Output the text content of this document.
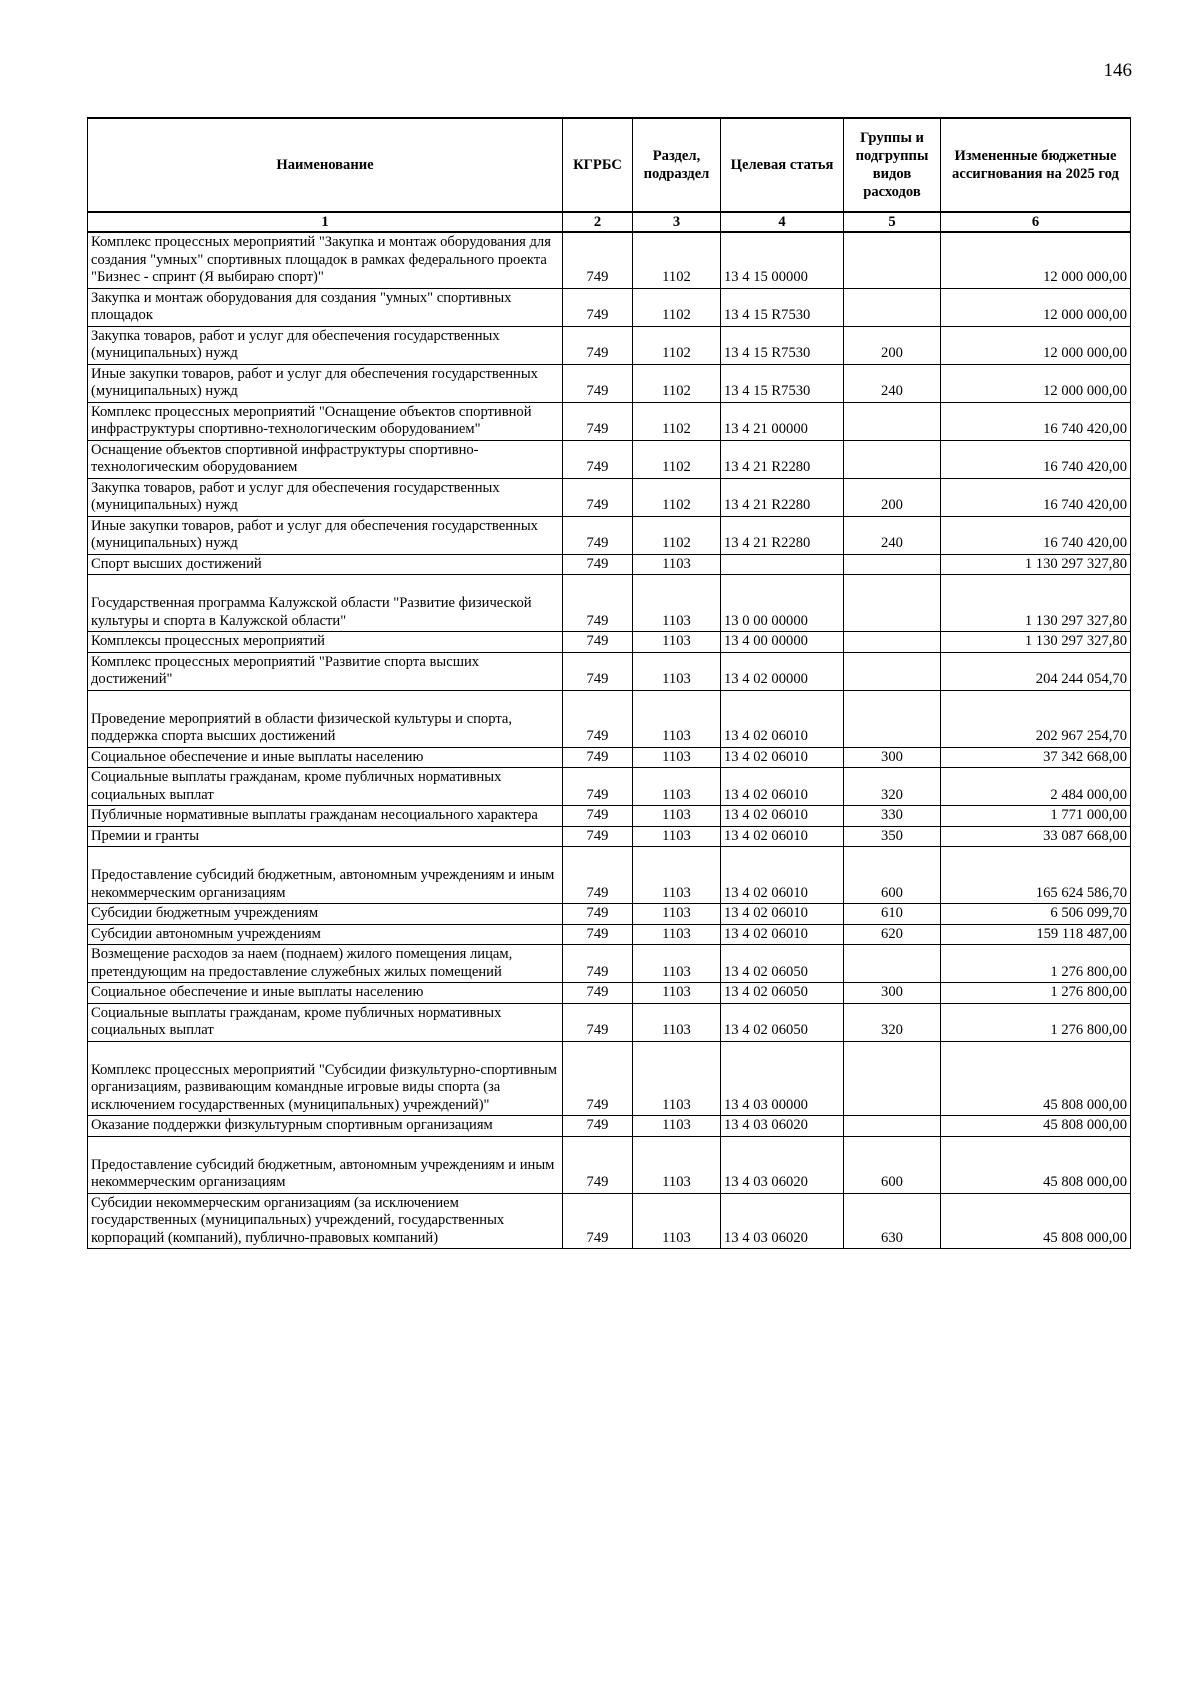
146
Наименование	КГРБС	Раздел, подраздел	Целевая статья	Группы и подгруппы видов расходов	Измененные бюджетные ассигнования на 2025 год
1	2	3	4	5	6
Комплекс процессных мероприятий "Закупка и монтаж оборудования для создания "умных" спортивных площадок в рамках федерального проекта "Бизнес - спринт (Я выбираю спорт)"	749	1102	13 4 15 00000		12 000 000,00
Закупка и монтаж оборудования для создания "умных" спортивных площадок	749	1102	13 4 15 R7530		12 000 000,00
Закупка товаров, работ и услуг для обеспечения государственных (муниципальных) нужд	749	1102	13 4 15 R7530	200	12 000 000,00
Иные закупки товаров, работ и услуг для обеспечения государственных (муниципальных) нужд	749	1102	13 4 15 R7530	240	12 000 000,00
Комплекс процессных мероприятий "Оснащение объектов спортивной инфраструктуры спортивно-технологическим оборудованием"	749	1102	13 4 21 00000		16 740 420,00
Оснащение объектов спортивной инфраструктуры спортивно-технологическим оборудованием	749	1102	13 4 21 R2280		16 740 420,00
Закупка товаров, работ и услуг для обеспечения государственных (муниципальных) нужд	749	1102	13 4 21 R2280	200	16 740 420,00
Иные закупки товаров, работ и услуг для обеспечения государственных (муниципальных) нужд	749	1102	13 4 21 R2280	240	16 740 420,00
Спорт высших достижений	749	1103			1 130 297 327,80
Государственная программа Калужской области "Развитие физической культуры и спорта в Калужской области"	749	1103	13 0 00 00000		1 130 297 327,80
Комплексы процессных мероприятий	749	1103	13 4 00 00000		1 130 297 327,80
Комплекс процессных мероприятий "Развитие спорта высших достижений"	749	1103	13 4 02 00000		204 244 054,70
Проведение мероприятий в области физической культуры и спорта, поддержка спорта высших достижений	749	1103	13 4 02 06010		202 967 254,70
Социальное обеспечение и иные выплаты населению	749	1103	13 4 02 06010	300	37 342 668,00
Социальные выплаты гражданам, кроме публичных нормативных социальных выплат	749	1103	13 4 02 06010	320	2 484 000,00
Публичные нормативные выплаты гражданам несоциального характера	749	1103	13 4 02 06010	330	1 771 000,00
Премии и гранты	749	1103	13 4 02 06010	350	33 087 668,00
Предоставление субсидий бюджетным, автономным учреждениям и иным некоммерческим организациям	749	1103	13 4 02 06010	600	165 624 586,70
Субсидии бюджетным учреждениям	749	1103	13 4 02 06010	610	6 506 099,70
Субсидии автономным учреждениям	749	1103	13 4 02 06010	620	159 118 487,00
Возмещение расходов за наем (поднаем) жилого помещения лицам, претендующим на предоставление служебных жилых помещений	749	1103	13 4 02 06050		1 276 800,00
Социальное обеспечение и иные выплаты населению	749	1103	13 4 02 06050	300	1 276 800,00
Социальные выплаты гражданам, кроме публичных нормативных социальных выплат	749	1103	13 4 02 06050	320	1 276 800,00
Комплекс процессных мероприятий "Субсидии физкультурно-спортивным организациям, развивающим командные игровые виды спорта (за исключением государственных (муниципальных) учреждений)"	749	1103	13 4 03 00000		45 808 000,00
Оказание поддержки физкультурным спортивным организациям	749	1103	13 4 03 06020		45 808 000,00
Предоставление субсидий бюджетным, автономным учреждениям и иным некоммерческим организациям	749	1103	13 4 03 06020	600	45 808 000,00
Субсидии некоммерческим организациям (за исключением государственных (муниципальных) учреждений, государственных корпораций (компаний), публично-правовых компаний)	749	1103	13 4 03 06020	630	45 808 000,00
